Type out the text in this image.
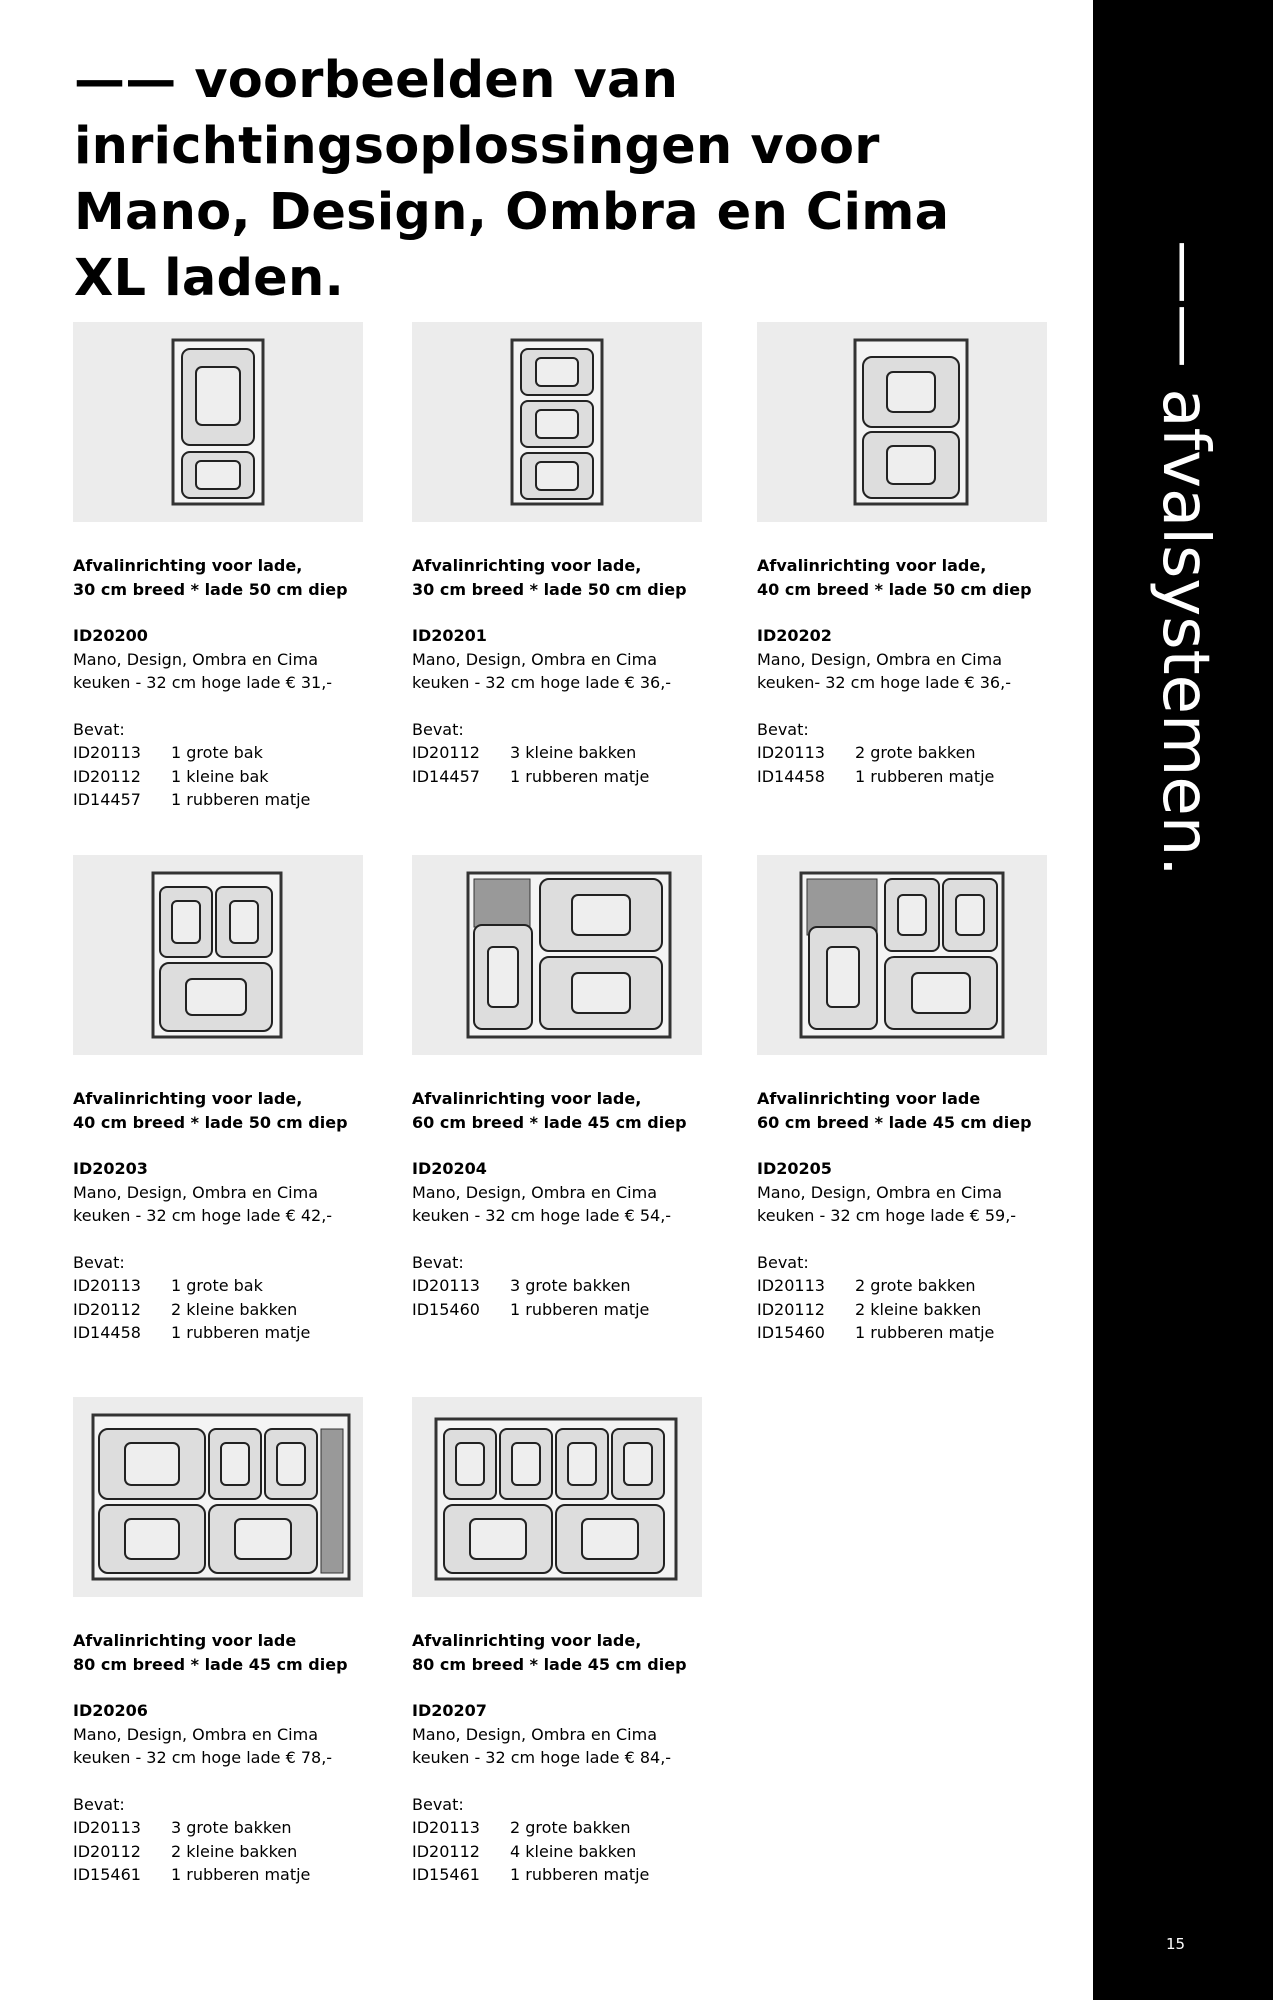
—— voorbeelden van inrichtingsoplossingen voor Mano, Design, Ombra en Cima XL laden.	—— afvalsystemen.
15
Afvalinrichting voor lade,
30 cm breed * lade 50 cm diep
ID20200
Mano, Design, Ombra en Cima
keuken - 32 cm hoge lade € 31,-
Bevat:
ID20113	1 grote bak
ID20112	1 kleine bak
ID14457	1 rubberen matje
Afvalinrichting voor lade,
30 cm breed * lade 50 cm diep
ID20201
Mano, Design, Ombra en Cima
keuken - 32 cm hoge lade € 36,-
Bevat:
ID20112	3 kleine bakken
ID14457	1 rubberen matje
Afvalinrichting voor lade,
40 cm breed * lade 50 cm diep
ID20202
Mano, Design, Ombra en Cima
keuken- 32 cm hoge lade € 36,-
Bevat:
ID20113	2 grote bakken
ID14458	1 rubberen matje
Afvalinrichting voor lade,
40 cm breed * lade 50 cm diep
ID20203
Mano, Design, Ombra en Cima
keuken - 32 cm hoge lade € 42,-
Bevat:
ID20113	1 grote bak
ID20112	2 kleine bakken
ID14458	1 rubberen matje
Afvalinrichting voor lade,
60 cm breed * lade 45 cm diep
ID20204
Mano, Design, Ombra en Cima
keuken - 32 cm hoge lade € 54,-
Bevat:
ID20113	3 grote bakken
ID15460	1 rubberen matje
Afvalinrichting voor lade
60 cm breed * lade 45 cm diep
ID20205
Mano, Design, Ombra en Cima
keuken - 32 cm hoge lade € 59,-
Bevat:
ID20113	2 grote bakken
ID20112	2 kleine bakken
ID15460	1 rubberen matje
Afvalinrichting voor lade
80 cm breed * lade 45 cm diep
ID20206
Mano, Design, Ombra en Cima
keuken - 32 cm hoge lade € 78,-
Bevat:
ID20113	3 grote bakken
ID20112	2 kleine bakken
ID15461	1 rubberen matje
Afvalinrichting voor lade,
80 cm breed * lade 45 cm diep
ID20207
Mano, Design, Ombra en Cima
keuken - 32 cm hoge lade € 84,-
Bevat:
ID20113	2 grote bakken
ID20112	4 kleine bakken
ID15461	1 rubberen matje
